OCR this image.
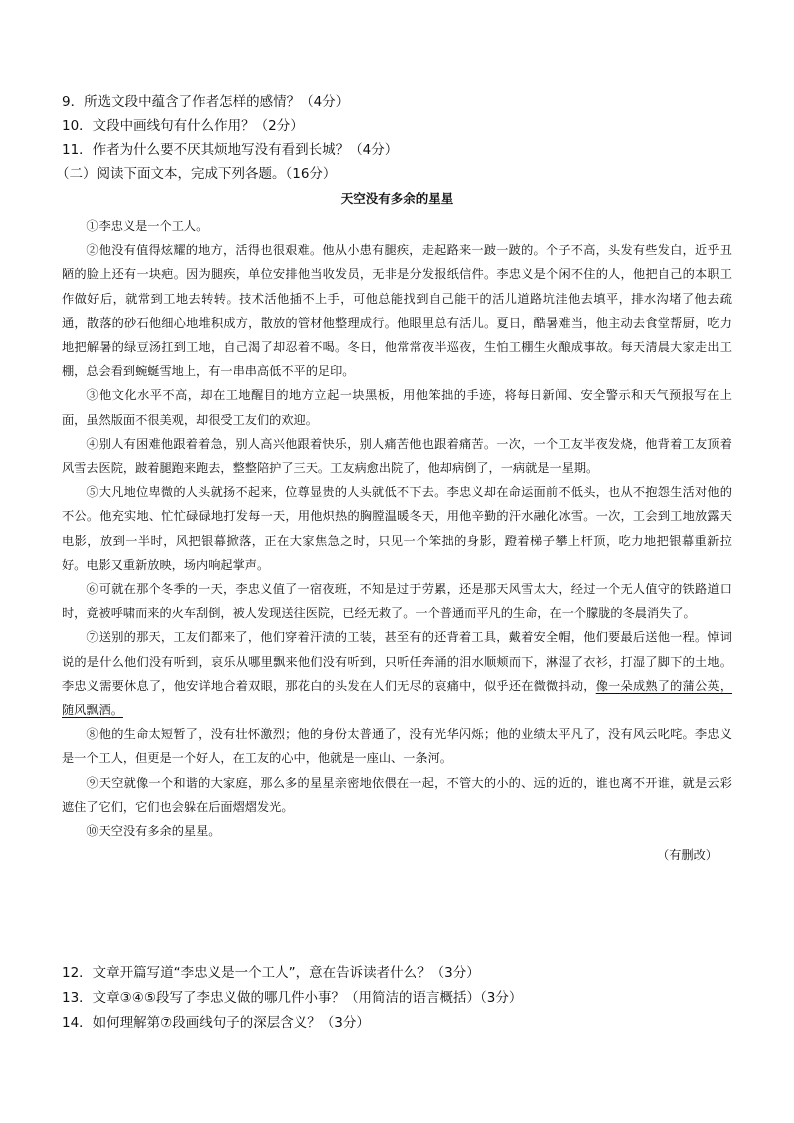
9．所选文段中蕴含了作者怎样的感情？（4分）
10．文段中画线句有什么作用？（2分）
11．作者为什么要不厌其烦地写没有看到长城？（4分）
（二）阅读下面文本，完成下列各题。（16分）
天空没有多余的星星

①李忠义是一个工人。

②他没有值得炫耀的地方，活得也很艰难。他从小患有腿疾，走起路来一跛一跛的。个子不高，头发有些发白，近乎丑陋的脸上还有一块疤。因为腿疾，单位安排他当收发员，无非是分发报纸信件。李忠义是个闲不住的人，他把自己的本职工作做好后，就常到工地去转转。技术活他插不上手，可他总能找到自己能干的活儿道路坑洼他去填平，排水沟堵了他去疏通，散落的砂石他细心地堆积成方，散放的管材他整理成行。他眼里总有活儿。夏日，酷暑难当，他主动去食堂帮厨，吃力地把解暑的绿豆汤扛到工地，自己渴了却忍着不喝。冬日，他常常夜半巡夜，生怕工棚生火酿成事故。每天清晨大家走出工棚，总会看到蜿蜒雪地上，有一串串高低不平的足印。

③他文化水平不高，却在工地醒目的地方立起一块黑板，用他笨拙的手迹，将每日新闻、安全警示和天气预报写在上面，虽然版面不很美观，却很受工友们的欢迎。

④别人有困难他跟着着急，别人高兴他跟着快乐，别人痛苦他也跟着痛苦。一次，一个工友半夜发烧，他背着工友顶着风雪去医院，跛着腿跑来跑去，整整陪护了三天。工友病愈出院了，他却病倒了，一病就是一星期。

⑤大凡地位卑微的人头就扬不起来，位尊显贵的人头就低不下去。李忠义却在命运面前不低头，也从不抱怨生活对他的不公。他充实地、忙忙碌碌地打发每一天，用他炽热的胸膛温暖冬天，用他辛勤的汗水融化冰雪。一次，工会到工地放露天电影，放到一半时，风把银幕掀落，正在大家焦急之时，只见一个笨拙的身影，蹬着梯子攀上杆顶，吃力地把银幕重新拉好。电影又重新放映，场内响起掌声。

⑥可就在那个冬季的一天，李忠义值了一宿夜班，不知是过于劳累，还是那天风雪太大，经过一个无人值守的铁路道口时，竟被呼啸而来的火车刮倒，被人发现送往医院，已经无救了。一个普通而平凡的生命，在一个朦胧的冬晨消失了。

⑦送别的那天，工友们都来了，他们穿着汗渍的工装，甚至有的还背着工具，戴着安全帽，他们要最后送他一程。悼词说的是什么他们没有听到，哀乐从哪里飘来他们没有听到，只听任奔涌的泪水顺颊而下，淋湿了衣衫，打湿了脚下的土地。李忠义需要休息了，他安详地合着双眼，那花白的头发在人们无尽的哀痛中，似乎还在微微抖动，像一朵成熟了的蒲公英，随风飘洒。

⑧他的生命太短暂了，没有壮怀激烈；他的身份太普通了，没有光华闪烁；他的业绩太平凡了，没有风云叱咤。李忠义是一个工人，但更是一个好人，在工友的心中，他就是一座山、一条河。

⑨天空就像一个和谐的大家庭，那么多的星星亲密地依偎在一起，不管大的小的、远的近的，谁也离不开谁，就是云彩遮住了它们，它们也会躲在后面熠熠发光。

⑩天空没有多余的星星。

（有删改）

12．文章开篇写道“李忠义是一个工人”，意在告诉读者什么？（3分）
13．文章③④⑤段写了李忠义做的哪几件小事？（用简洁的语言概括）（3分）
14．如何理解第⑦段画线句子的深层含义？（3分）
